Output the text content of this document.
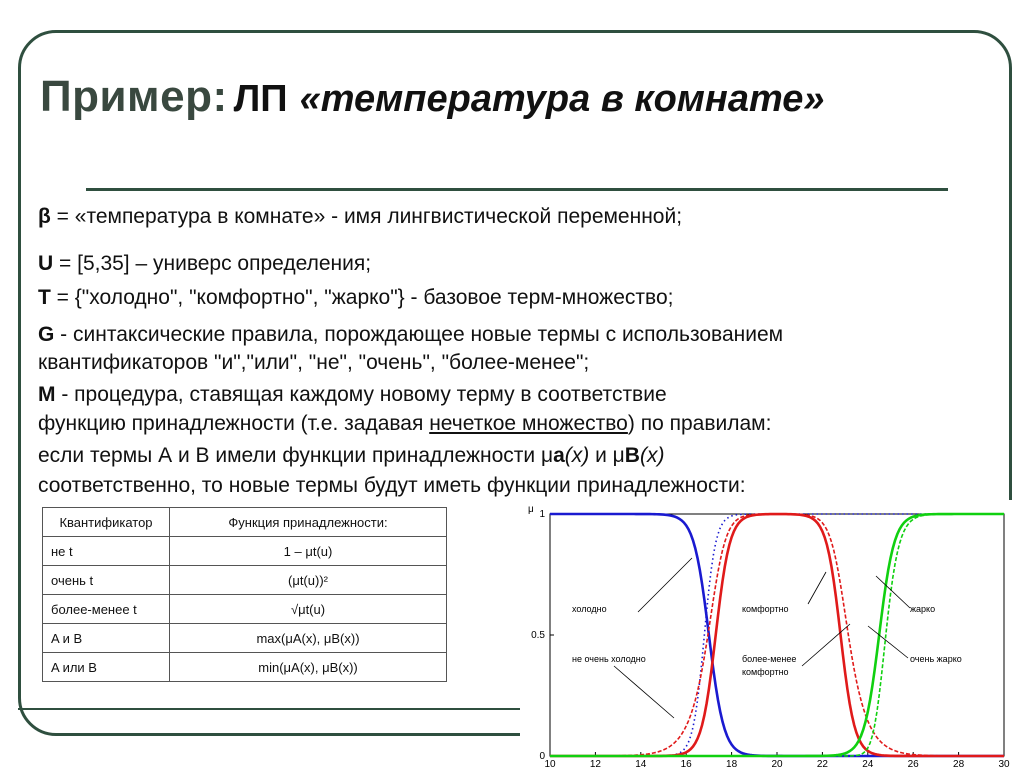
Пример: ЛП «температура в комнате»
β = «температура в комнате» - имя лингвистической переменной;
U = [5,35] – универс определения;
T = {"холодно", "комфортно", "жарко"} - базовое терм-множество;
G - синтаксические правила, порождающее новые термы с использованием
квантификаторов "и","или", "не", "очень", "более-менее";
M - процедура, ставящая каждому новому терму в соответствие
функцию принадлежности (т.е. задавая нечеткое множество) по правилам:
если термы А и В имели функции принадлежности μa(x) и μB(x)
соответственно, то новые термы будут иметь функции принадлежности:
Квантификатор	Функция принадлежности:
не t	1 – μt(u)
очень t	(μt(u))²
более-менее t	√μt(u)
A и B	max(μA(x), μB(x))
A или B	min(μA(x), μB(x))
10	12	14	16	18	20	22	24	26	28	30
0
0.5
1
μ
холодно
не очень холодно
комфортно
более-менее
комфортно
жарко
очень жарко
